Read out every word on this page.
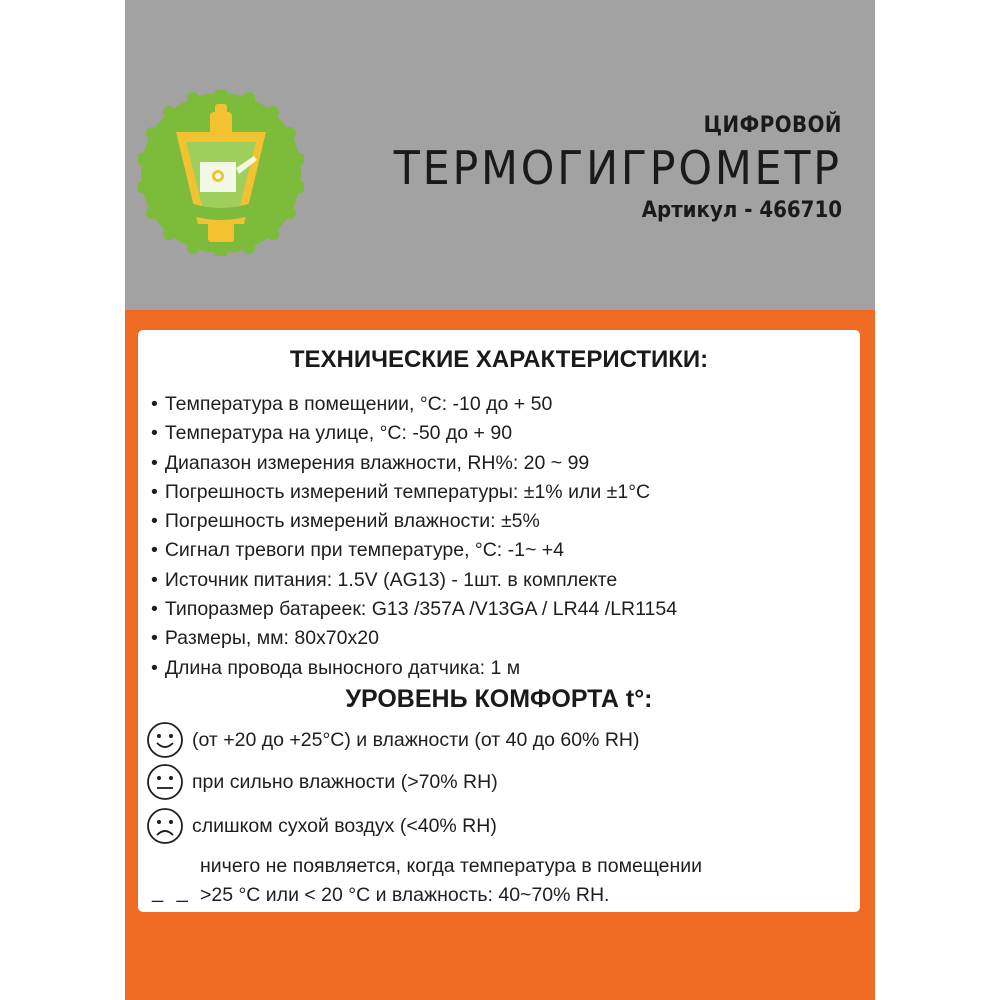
ЦИФРОВОЙ
ТЕРМОГИГРОМЕТР
Артикул - 466710
ТЕХНИЧЕСКИЕ ХАРАКТЕРИСТИКИ:
• Температура в помещении, °С: -10 до + 50
• Температура на улице, °С: -50 до + 90
• Диапазон измерения влажности, RH%: 20 ~ 99
• Погрешность измерений температуры: ±1% или ±1°С
• Погрешность измерений влажности: ±5%
• Сигнал тревоги при температуре, °С: -1~ +4
• Источник питания: 1.5V (AG13) - 1шт. в комплекте
• Типоразмер батареек: G13 /357A /V13GA / LR44 /LR1154
• Размеры, мм: 80х70х20
• Длина провода выносного датчика: 1 м
УРОВЕНЬ КОМФОРТА t°:
(от +20 до +25°С) и влажности (от 40 до 60% RH)
при сильно влажности (>70% RH)
слишком сухой воздух (<40% RH)
_ _
ничего не появляется, когда температура в помещении
>25 °С или < 20 °С и влажность: 40~70% RH.
